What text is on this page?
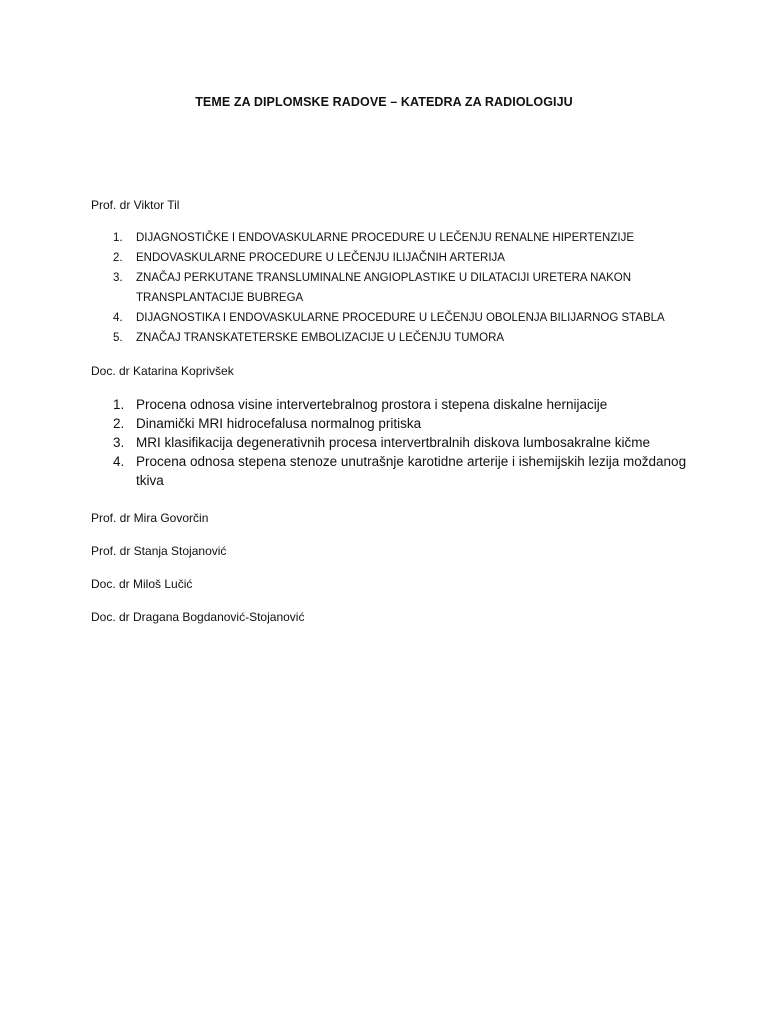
TEME ZA DIPLOMSKE RADOVE – KATEDRA ZA RADIOLOGIJU
Prof. dr Viktor Til
1. DIJAGNOSTIČKE I ENDOVASKULARNE PROCEDURE U LEČENJU RENALNE HIPERTENZIJE
2. ENDOVASKULARNE PROCEDURE U LEČENJU ILIJAČNIH ARTERIJA
3. ZNAČAJ PERKUTANE TRANSLUMINALNE ANGIOPLASTIKE U DILATACIJI URETERA NAKON TRANSPLANTACIJE BUBREGA
4. DIJAGNOSTIKA I ENDOVASKULARNE PROCEDURE U LEČENJU OBOLENJA BILIJARNOG STABLA
5. ZNAČAJ TRANSKATETERSKE EMBOLIZACIJE U LEČENJU TUMORA
Doc. dr Katarina Koprivšek
1. Procena odnosa visine intervertebralnog prostora i stepena diskalne hernijacije
2. Dinamički MRI hidrocefalusa normalnog pritiska
3. MRI klasifikacija degenerativnih procesa intervertbralnih diskova lumbosakralne kičme
4. Procena odnosa stepena stenoze unutrašnje karotidne arterije i ishemijskih lezija moždanog tkiva
Prof. dr Mira Govorčin
Prof. dr Stanja Stojanović
Doc. dr Miloš Lučić
Doc. dr Dragana Bogdanović-Stojanović
